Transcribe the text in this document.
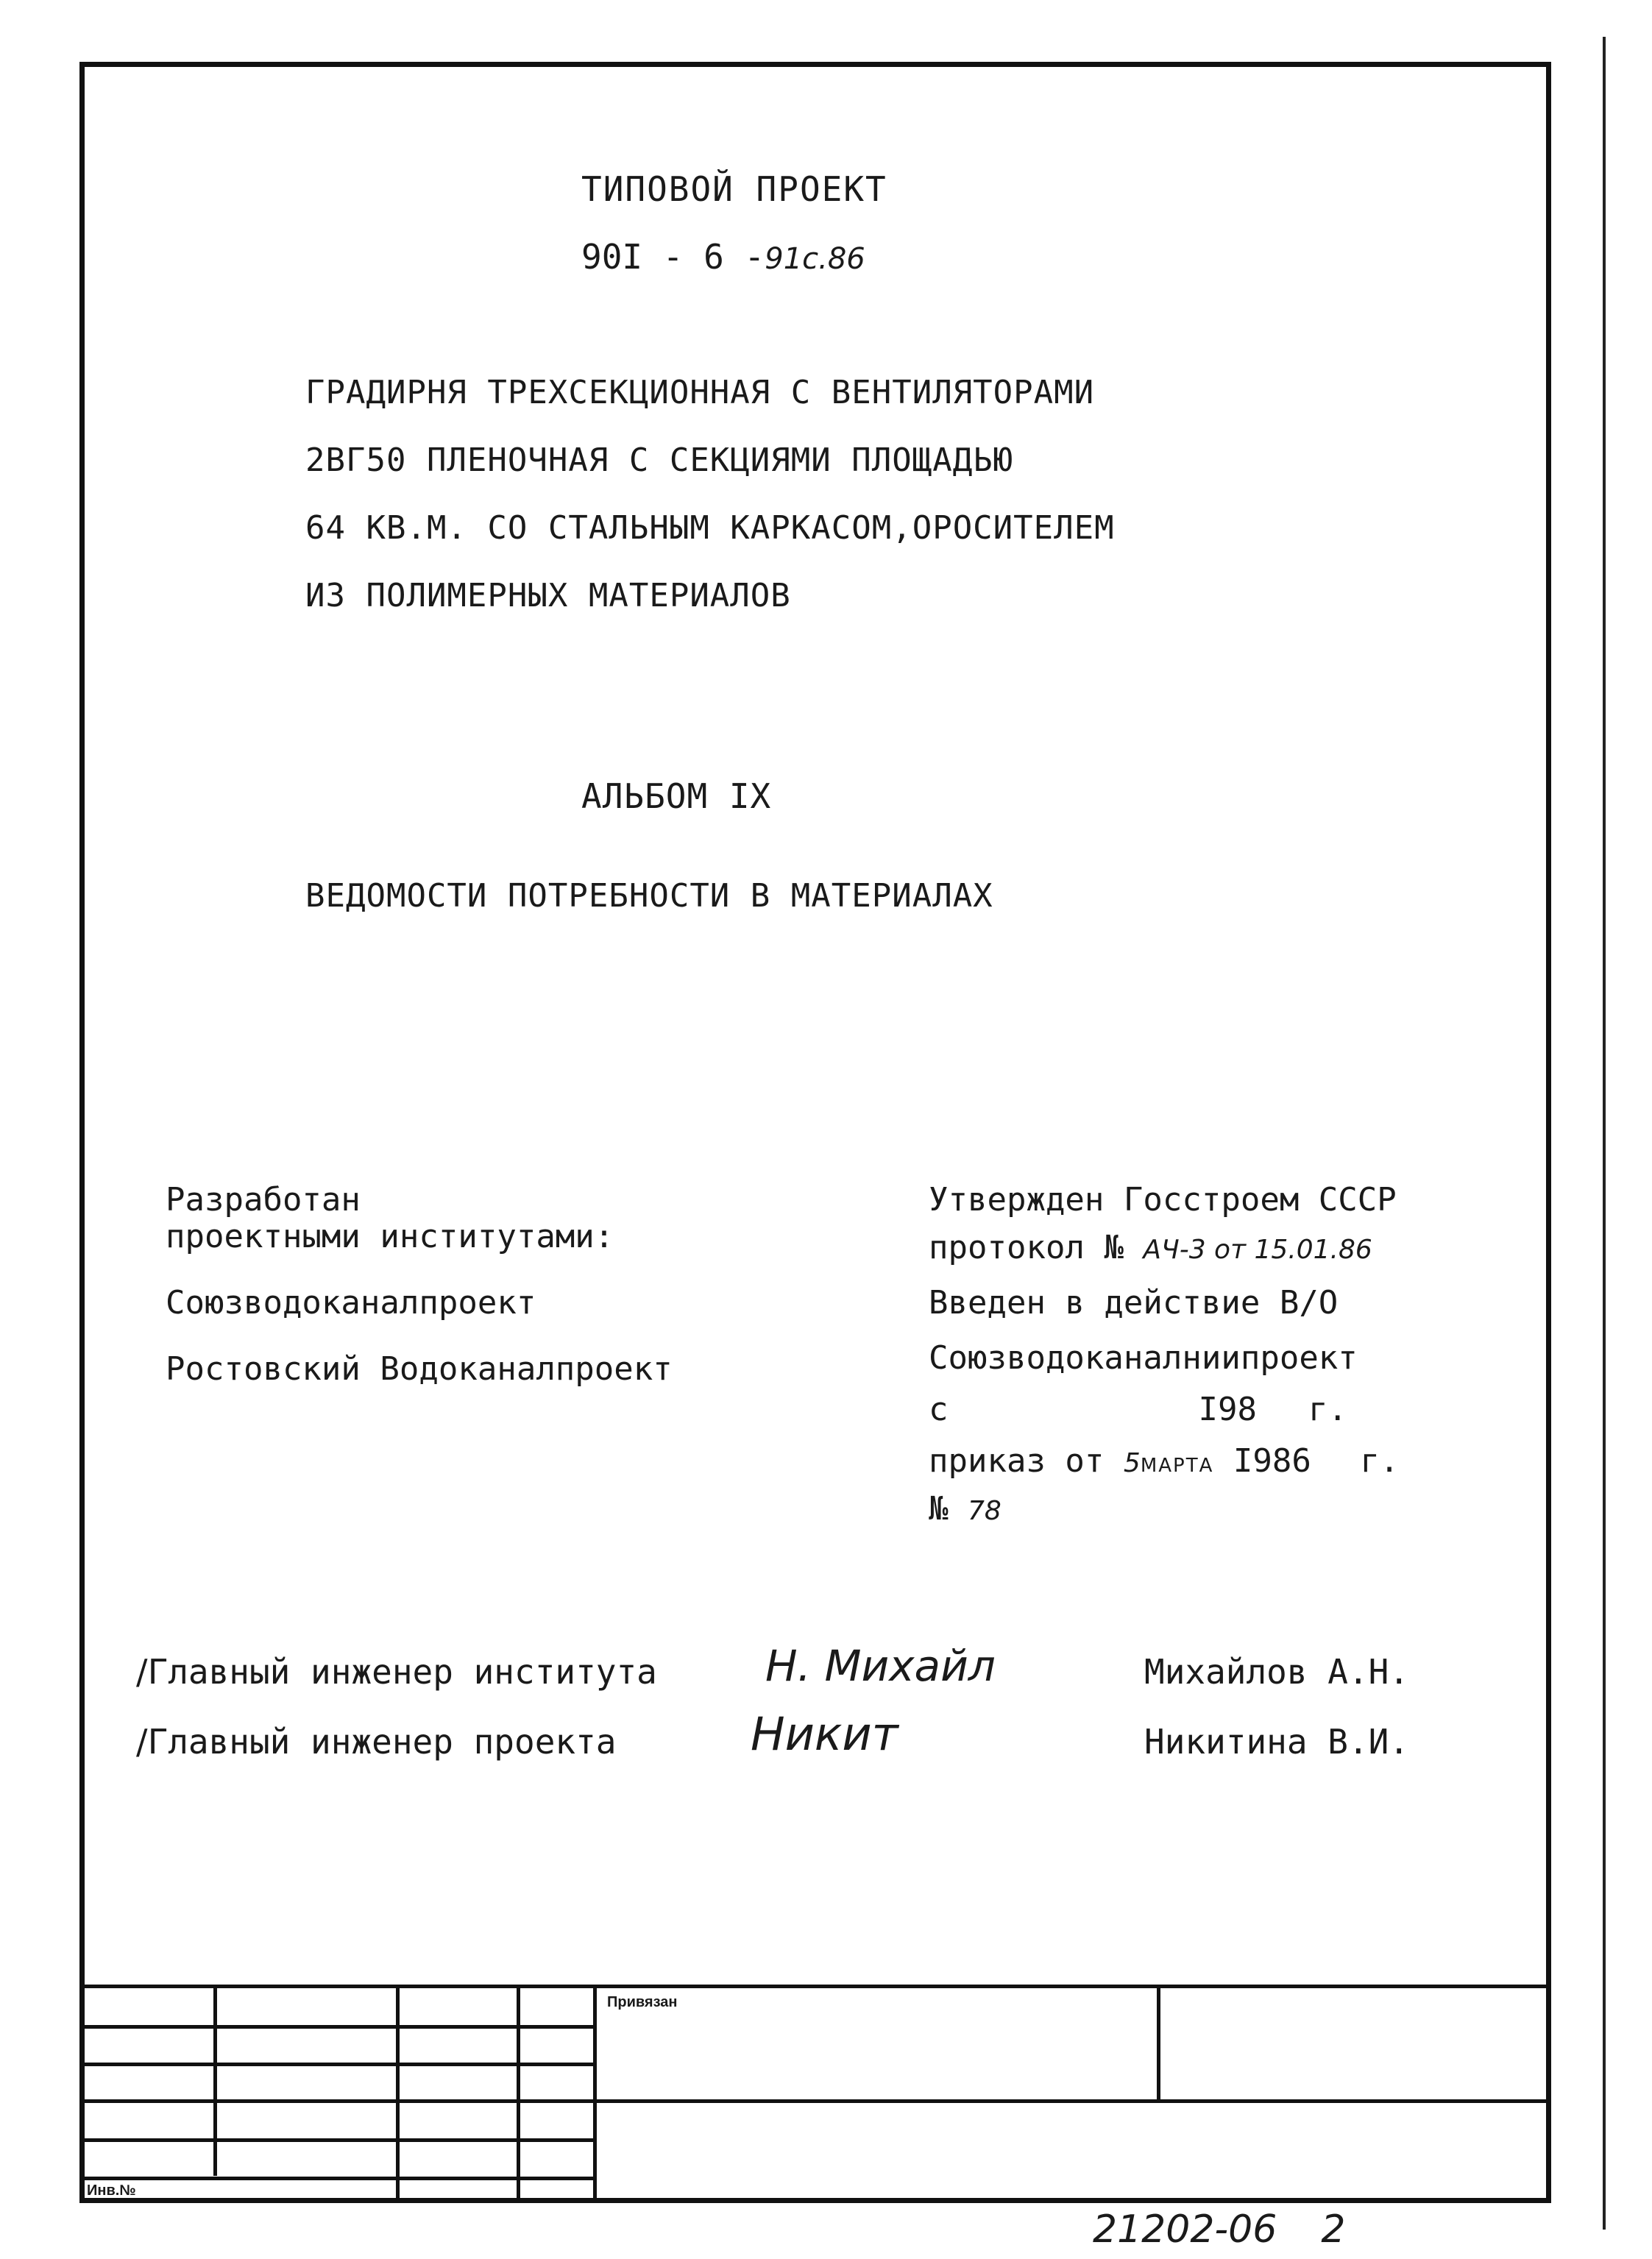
ТИПОВОЙ ПРОЕКТ
90I - 6 -91с.86
ГРАДИРНЯ ТРЕХСЕКЦИОННАЯ С ВЕНТИЛЯТОРАМИ
2ВГ50 ПЛЕНОЧНАЯ С СЕКЦИЯМИ ПЛОЩАДЬЮ
64 КВ.М. СО СТАЛЬНЫМ КАРКАСОМ,ОРОСИТЕЛЕМ
ИЗ ПОЛИМЕРНЫХ МАТЕРИАЛОВ
АЛЬБОМ IX
ВЕДОМОСТИ ПОТРЕБНОСТИ В МАТЕРИАЛАХ
Разработан
проектными институтами:
Союзводоканалпроект
Ростовский Водоканалпроект
Утвержден Госстроем СССР
протокол № АЧ-3 от 15.01.86
Введен в действие В/О
Союзводоканалниипроект
с	I98 г.
приказ от 5МАРТА I986 г.
№ 78
/Главный инженер института	Н. Михайл	Михайлов А.Н.
/Главный инженер проекта	Никит	Никитина В.И.
Привязан
Инв.№
21202-06 2
